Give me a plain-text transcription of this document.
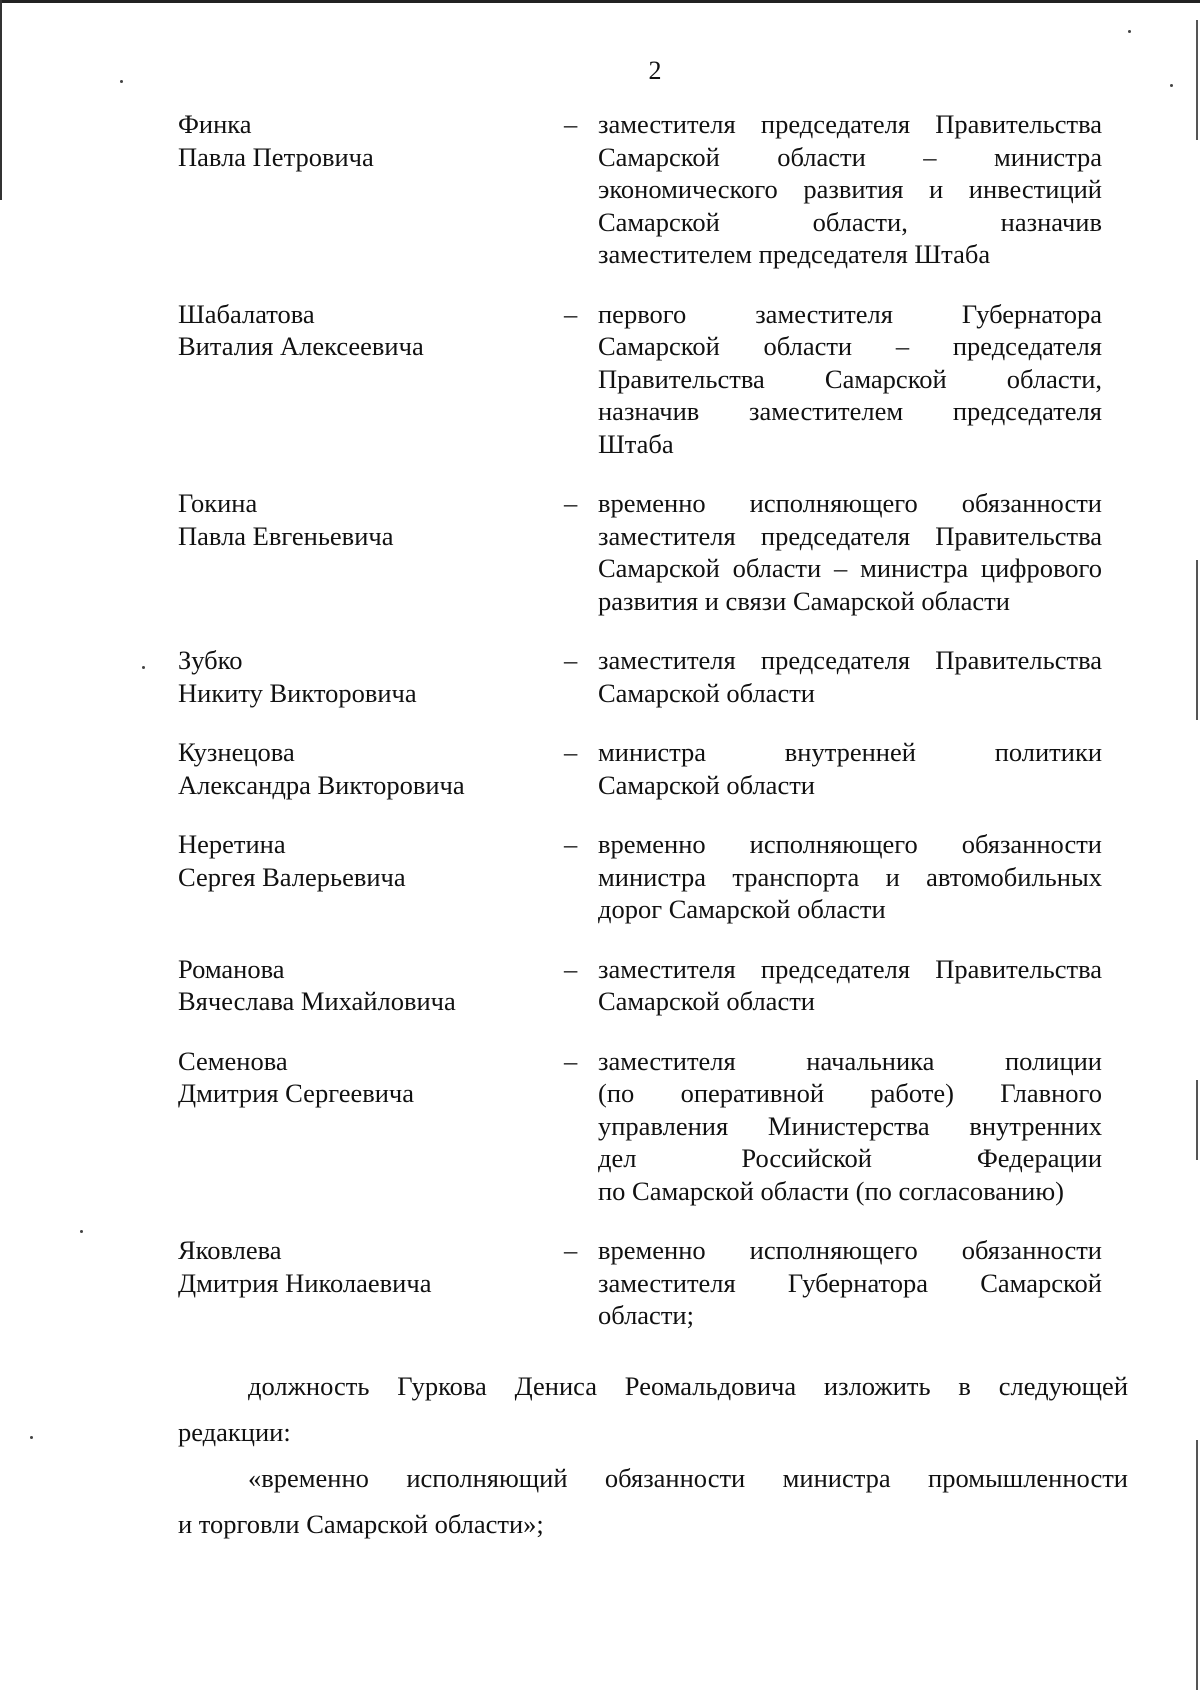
2
Финка
Павла Петровича
– заместителя председателя Правительства
Самарской области – министра
экономического развития и инвестиций
Самарской области, назначив
заместителем председателя Штаба
Шабалатова
Виталия Алексеевича
– первого заместителя Губернатора
Самарской области – председателя
Правительства Самарской области,
назначив заместителем председателя
Штаба
Гокина
Павла Евгеньевича
– временно исполняющего обязанности
заместителя председателя Правительства
Самарской области – министра цифрового
развития и связи Самарской области
Зубко
Никиту Викторовича
– заместителя председателя Правительства
Самарской области
Кузнецова
Александра Викторовича
– министра внутренней политики
Самарской области
Неретина
Сергея Валерьевича
– временно исполняющего обязанности
министра транспорта и автомобильных
дорог Самарской области
Романова
Вячеслава Михайловича
– заместителя председателя Правительства
Самарской области
Семенова
Дмитрия Сергеевича
– заместителя начальника полиции
(по оперативной работе) Главного
управления Министерства внутренних
дел Российской Федерации
по Самарской области (по согласованию)
Яковлева
Дмитрия Николаевича
– временно исполняющего обязанности
заместителя Губернатора Самарской
области;
должность Гуркова Дениса Реомальдовича изложить в следующей
редакции:
«временно исполняющий обязанности министра промышленности
и торговли Самарской области»;
